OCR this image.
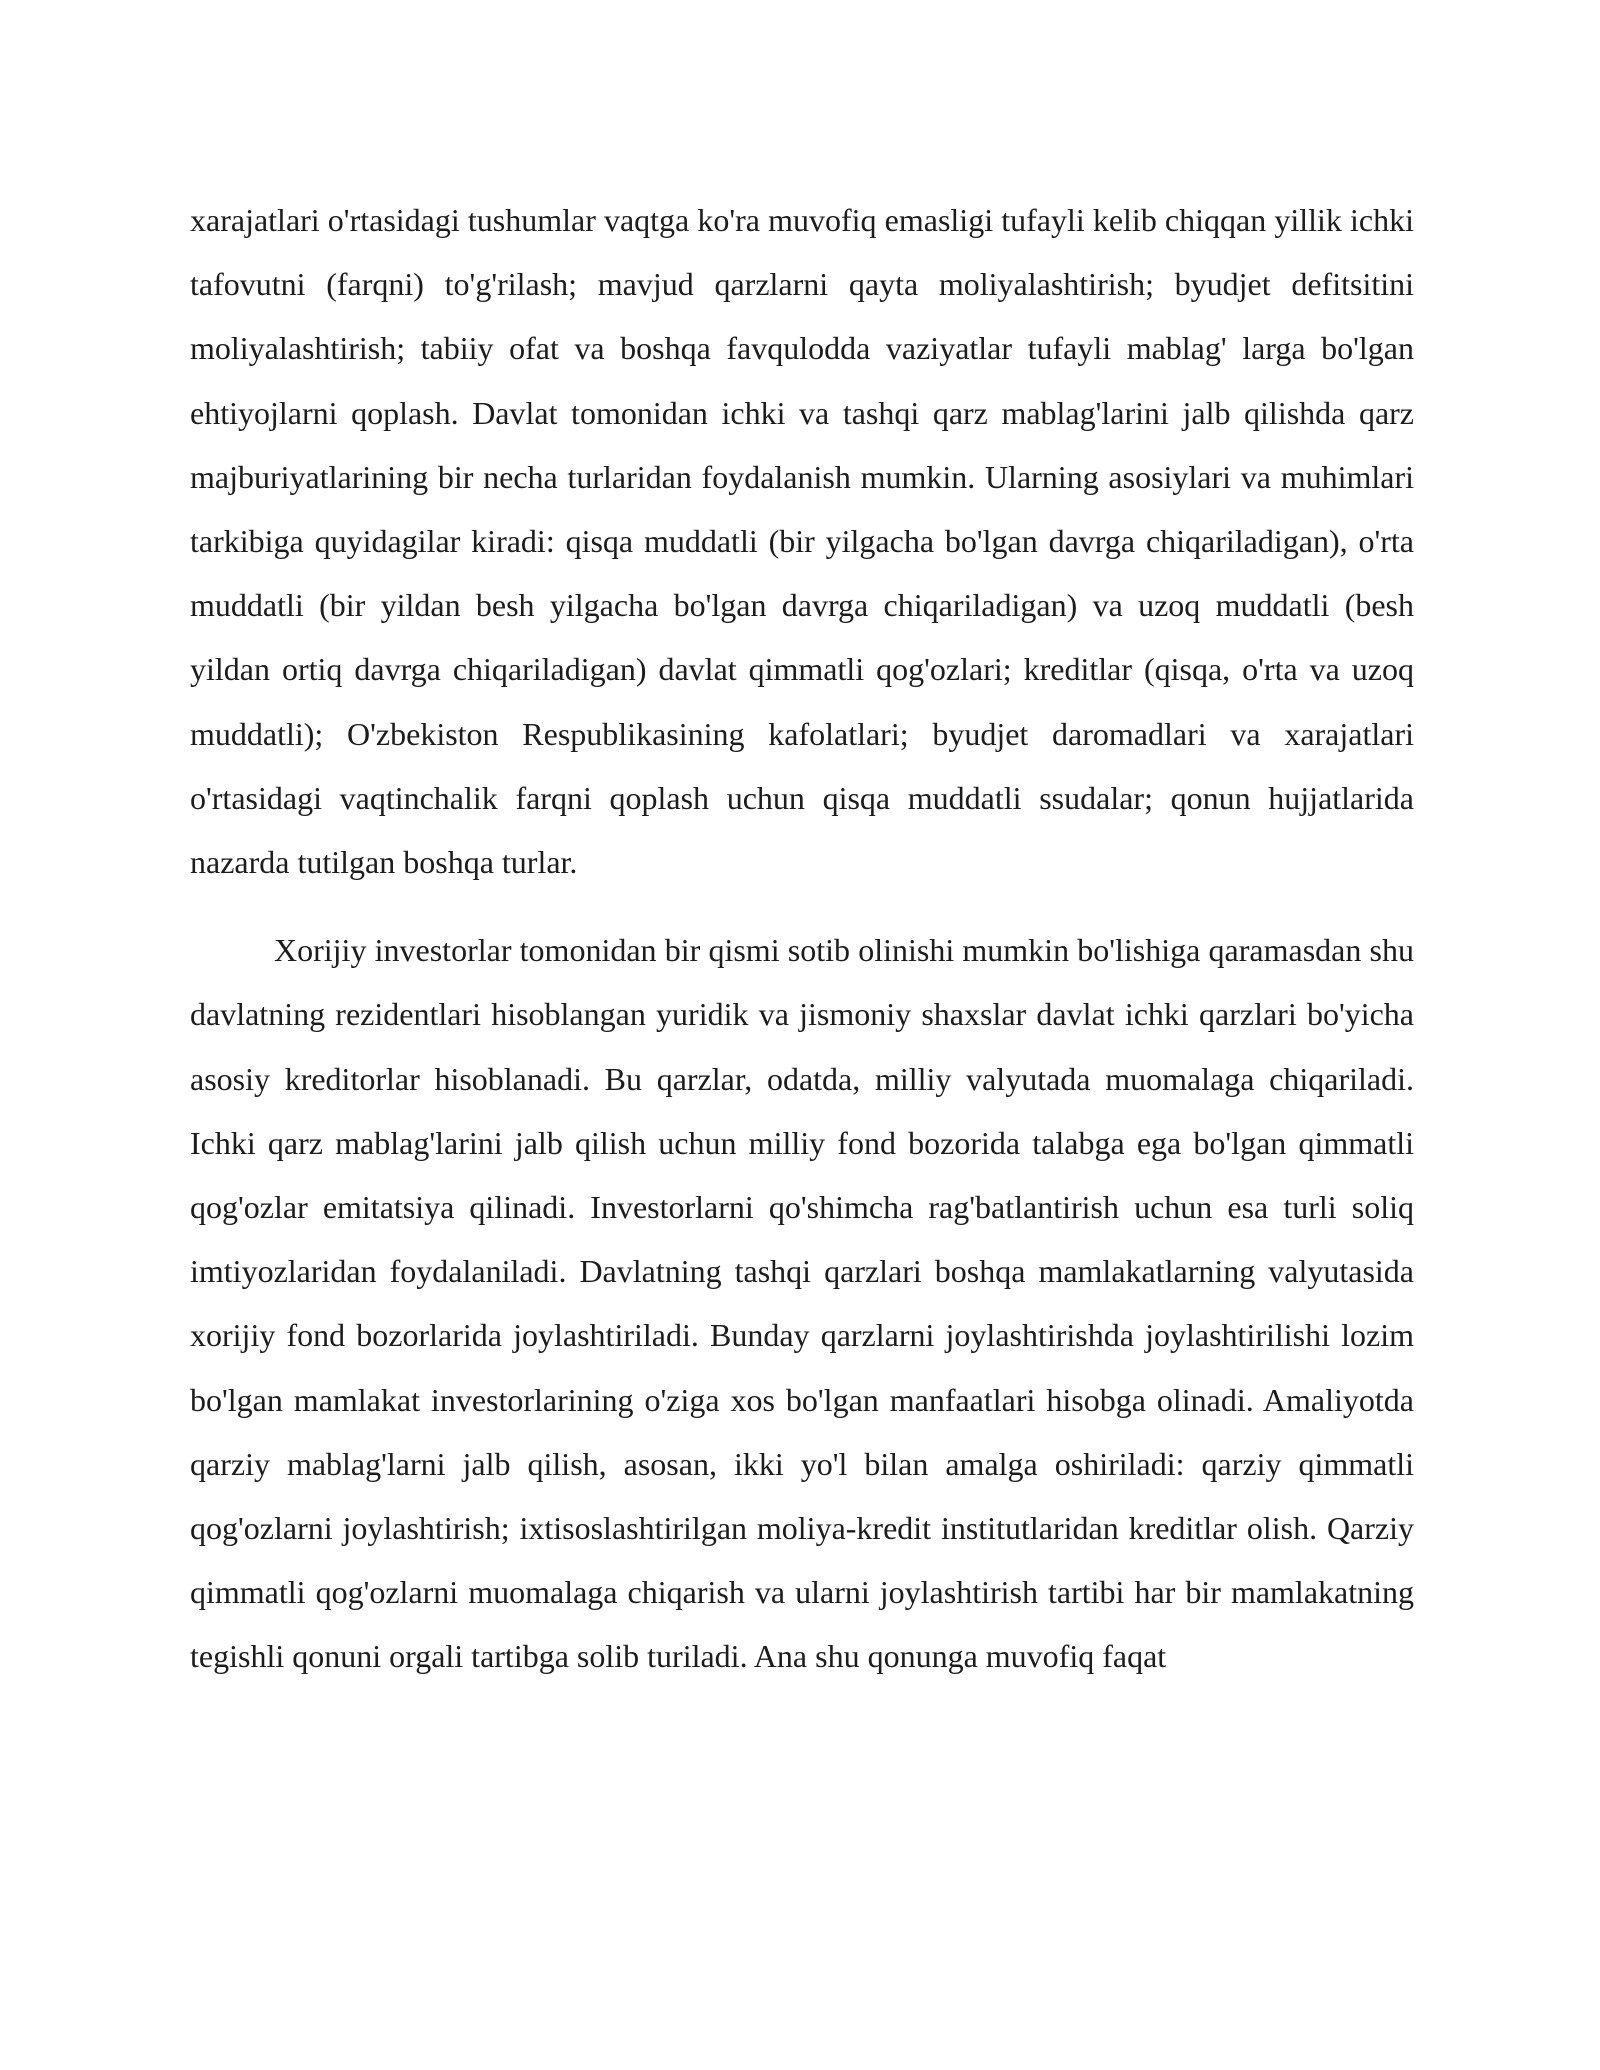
xarajatlari o'rtasidagi tushumlar vaqtga ko'ra muvofiq emasligi tufayli kelib chiqqan yillik ichki tafovutni (farqni) to'g'rilash; mavjud qarzlarni qayta moliyalashtirish; byudjet defitsitini moliyalashtirish; tabiiy ofat va boshqa favqulodda vaziyatlar tufayli mablag' larga bo'lgan ehtiyojlarni qoplash. Davlat tomonidan ichki va tashqi qarz mablag'larini jalb qilishda qarz majburiyatlarining bir necha turlaridan foydalanish mumkin. Ularning asosiylari va muhimlari tarkibiga quyidagilar kiradi: qisqa muddatli (bir yilgacha bo'lgan davrga chiqariladigan), o'rta muddatli (bir yildan besh yilgacha bo'lgan davrga chiqariladigan) va uzoq muddatli (besh yildan ortiq davrga chiqariladigan) davlat qimmatli qog'ozlari; kreditlar (qisqa, o'rta va uzoq muddatli); O'zbekiston Respublikasining kafolatlari; byudjet daromadlari va xarajatlari o'rtasidagi vaqtinchalik farqni qoplash uchun qisqa muddatli ssudalar; qonun hujjatlarida nazarda tutilgan boshqa turlar.

Xorijiy investorlar tomonidan bir qismi sotib olinishi mumkin bo'lishiga qaramasdan shu davlatning rezidentlari hisoblangan yuridik va jismoniy shaxslar davlat ichki qarzlari bo'yicha asosiy kreditorlar hisoblanadi. Bu qarzlar, odatda, milliy valyutada muomalaga chiqariladi. Ichki qarz mablag'larini jalb qilish uchun milliy fond bozorida talabga ega bo'lgan qimmatli qog'ozlar emitatsiya qilinadi. Investorlarni qo'shimcha rag'batlantirish uchun esa turli soliq imtiyozlaridan foydalaniladi. Davlatning tashqi qarzlari boshqa mamlakatlarning valyutasida xorijiy fond bozorlarida joylashtiriladi. Bunday qarzlarni joylashtirishda joylashtirilishi lozim bo'lgan mamlakat investorlarining o'ziga xos bo'lgan manfaatlari hisobga olinadi. Amaliyotda qarziy mablag'larni jalb qilish, asosan, ikki yo'l bilan amalga oshiriladi: qarziy qimmatli qog'ozlarni joylashtirish; ixtisoslashtirilgan moliya-kredit institutlaridan kreditlar olish. Qarziy qimmatli qog'ozlarni muomalaga chiqarish va ularni joylashtirish tartibi har bir mamlakatning tegishli qonuni orgali tartibga solib turiladi. Ana shu qonunga muvofiq faqat
